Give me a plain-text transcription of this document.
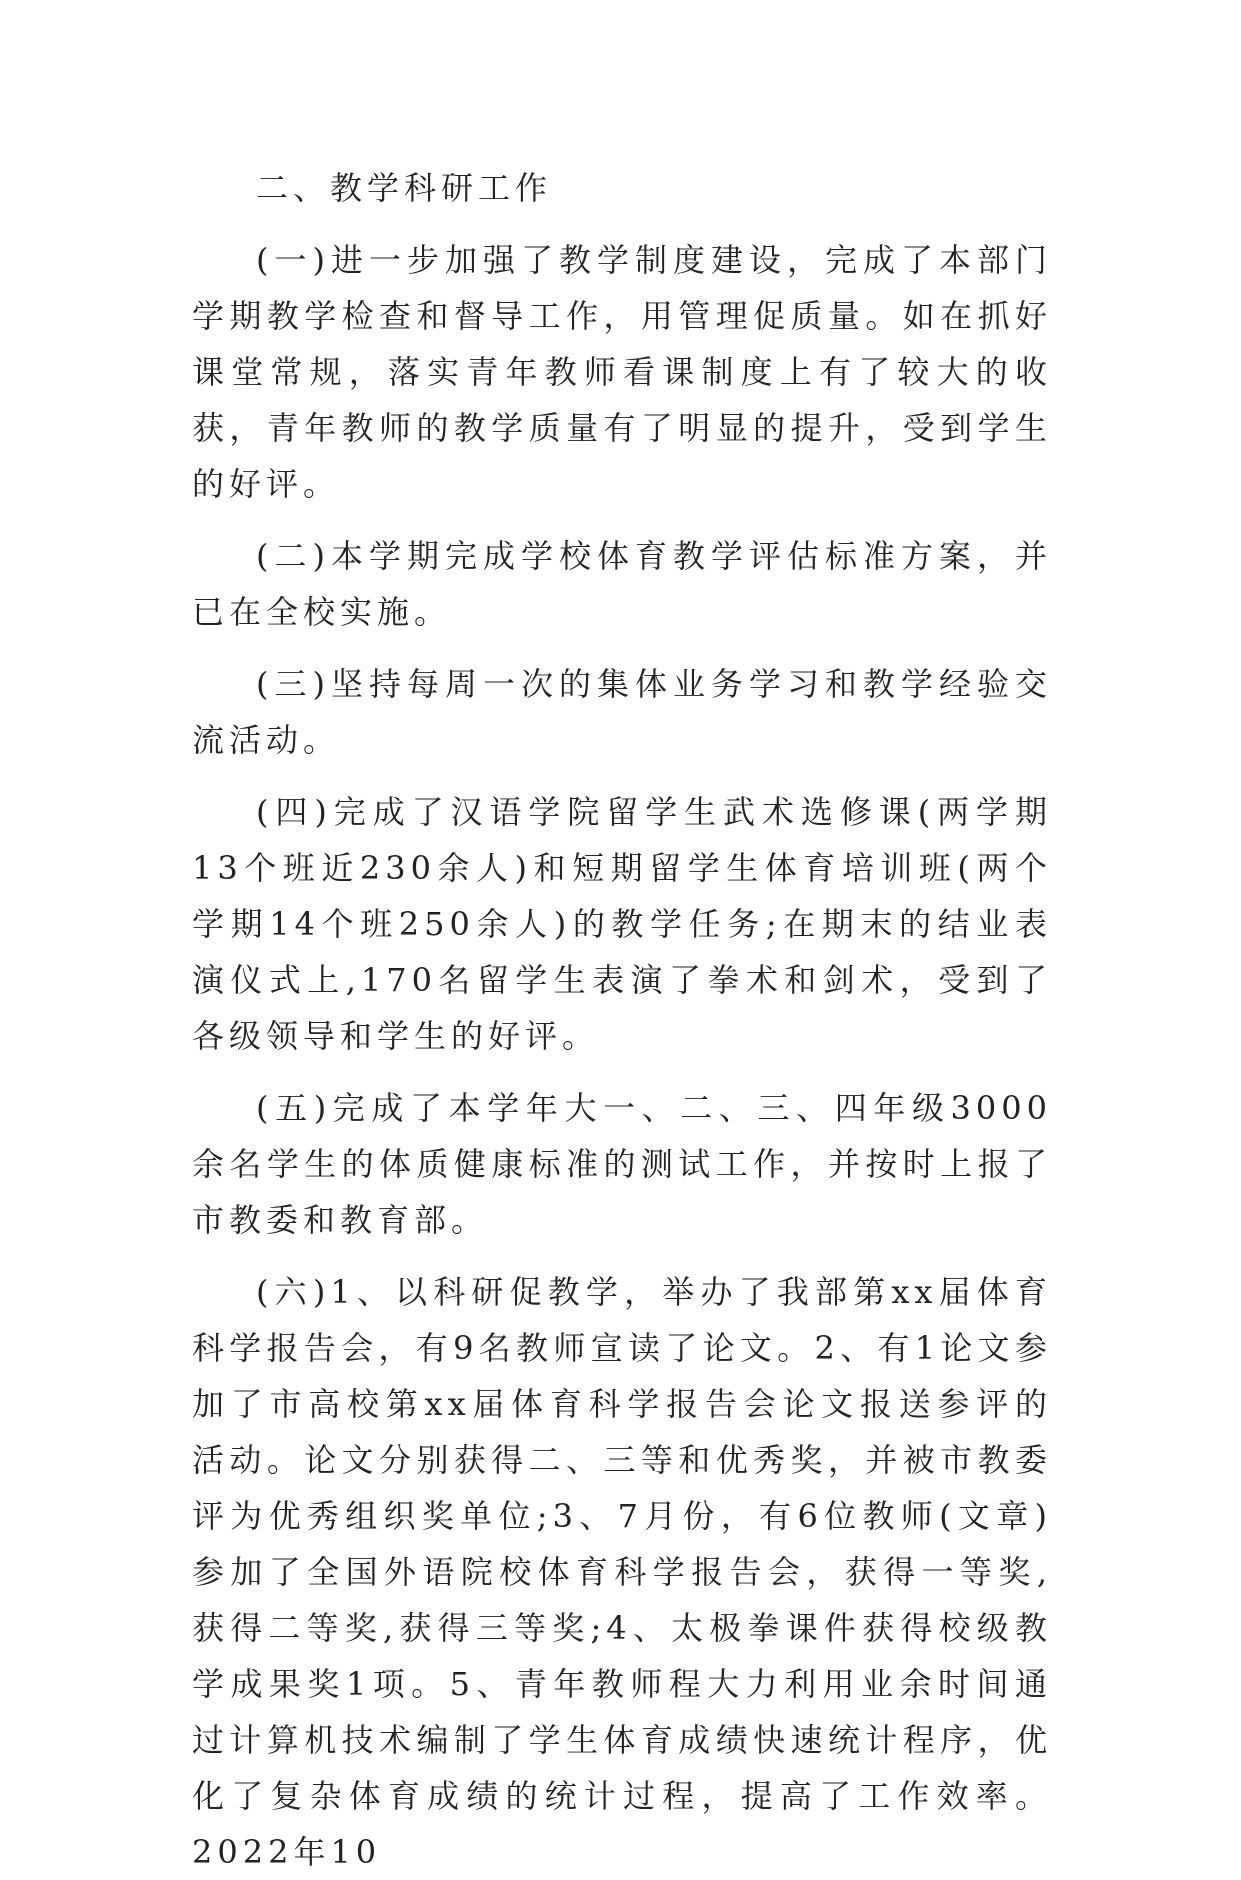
二、教学科研工作

(一)进一步加强了教学制度建设，完成了本部门学期教学检查和督导工作，用管理促质量。如在抓好课堂常规，落实青年教师看课制度上有了较大的收获，青年教师的教学质量有了明显的提升，受到学生的好评。

(二)本学期完成学校体育教学评估标准方案，并已在全校实施。

(三)坚持每周一次的集体业务学习和教学经验交流活动。

(四)完成了汉语学院留学生武术选修课(两学期13个班近230余人)和短期留学生体育培训班(两个学期14个班250余人)的教学任务;在期末的结业表演仪式上,170名留学生表演了拳术和剑术，受到了各级领导和学生的好评。

(五)完成了本学年大一、二、三、四年级3000余名学生的体质健康标准的测试工作，并按时上报了市教委和教育部。

(六)1、以科研促教学，举办了我部第xx届体育科学报告会，有9名教师宣读了论文。2、有1论文参加了市高校第xx届体育科学报告会论文报送参评的活动。论文分别获得二、三等和优秀奖，并被市教委评为优秀组织奖单位;3、7月份，有6位教师(文章)参加了全国外语院校体育科学报告会，获得一等奖,获得二等奖,获得三等奖;4、太极拳课件获得校级教学成果奖1项。5、青年教师程大力利用业余时间通过计算机技术编制了学生体育成绩快速统计程序，优化了复杂体育成绩的统计过程，提高了工作效率。2022年10
